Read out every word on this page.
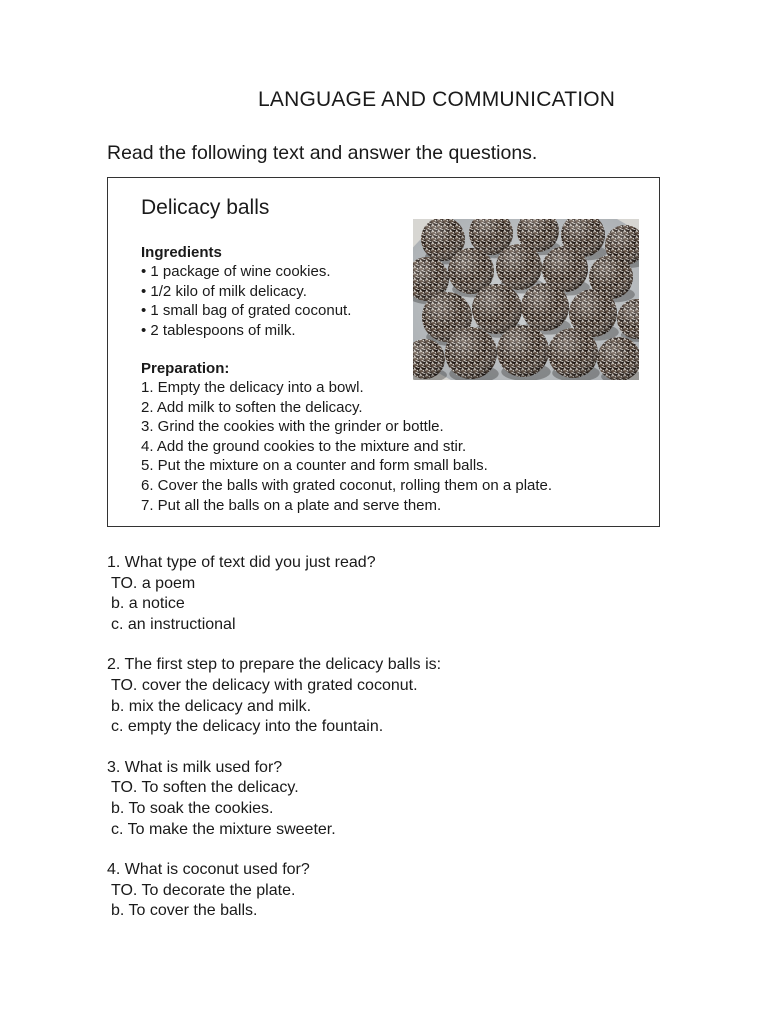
LANGUAGE AND COMMUNICATION
Read the following text and answer the questions.
Delicacy balls
Ingredients
• 1 package of wine cookies.
• 1/2 kilo of milk delicacy.
• 1 small bag of grated coconut.
• 2 tablespoons of milk.
Preparation:
1. Empty the delicacy into a bowl.
2. Add milk to soften the delicacy.
3. Grind the cookies with the grinder or bottle.
4. Add the ground cookies to the mixture and stir.
5. Put the mixture on a counter and form small balls.
6. Cover the balls with grated coconut, rolling them on a plate.
7. Put all the balls on a plate and serve them.
1. What type of text did you just read?
TO. a poem
b. a notice
c. an instructional
2. The first step to prepare the delicacy balls is:
TO. cover the delicacy with grated coconut.
b. mix the delicacy and milk.
c. empty the delicacy into the fountain.
3. What is milk used for?
TO. To soften the delicacy.
b. To soak the cookies.
c. To make the mixture sweeter.
4. What is coconut used for?
TO. To decorate the plate.
b. To cover the balls.
